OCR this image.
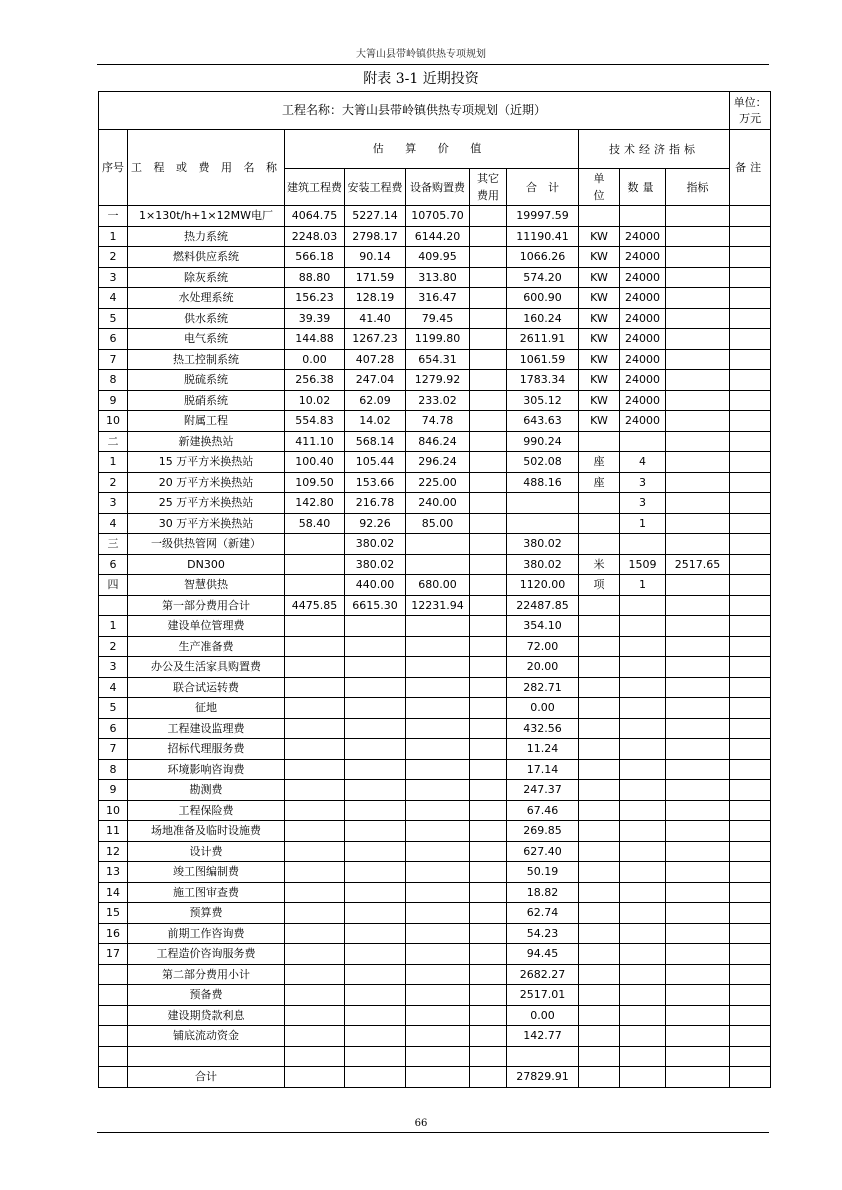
大箐山县带岭镇供热专项规划
附表 3-1 近期投资
工程名称：大箐山县带岭镇供热专项规划（近期）										单位：万元
序号	工 程 或 费 用 名 称	估 算 价 值					技术经济指标			备注
		建筑工程费	安装工程费	设备购置费	其它费用	合　计	单位	数量	指标	
一	1×130t/h+1×12MW电厂	4064.75	5227.14	10705.70		19997.59				
1	热力系统	2248.03	2798.17	6144.20		11190.41	KW	24000		
2	燃料供应系统	566.18	90.14	409.95		1066.26	KW	24000		
3	除灰系统	88.80	171.59	313.80		574.20	KW	24000		
4	水处理系统	156.23	128.19	316.47		600.90	KW	24000		
5	供水系统	39.39	41.40	79.45		160.24	KW	24000		
6	电气系统	144.88	1267.23	1199.80		2611.91	KW	24000		
7	热工控制系统	0.00	407.28	654.31		1061.59	KW	24000		
8	脱硫系统	256.38	247.04	1279.92		1783.34	KW	24000		
9	脱硝系统	10.02	62.09	233.02		305.12	KW	24000		
10	附属工程	554.83	14.02	74.78		643.63	KW	24000		
二	新建换热站	411.10	568.14	846.24		990.24				
1	15 万平方米换热站	100.40	105.44	296.24		502.08	座	4		
2	20 万平方米换热站	109.50	153.66	225.00		488.16	座	3		
3	25 万平方米换热站	142.80	216.78	240.00				3		
4	30 万平方米换热站	58.40	92.26	85.00				1		
三	一级供热管网（新建）		380.02			380.02				
6	DN300		380.02			380.02	米	1509	2517.65	
四	智慧供热		440.00	680.00		1120.00	项	1		
	第一部分费用合计	4475.85	6615.30	12231.94		22487.85				
1	建设单位管理费					354.10				
2	生产准备费					72.00				
3	办公及生活家具购置费					20.00				
4	联合试运转费					282.71				
5	征地					0.00				
6	工程建设监理费					432.56				
7	招标代理服务费					11.24				
8	环境影响咨询费					17.14				
9	勘测费					247.37				
10	工程保险费					67.46				
11	场地准备及临时设施费					269.85				
12	设计费					627.40				
13	竣工图编制费					50.19				
14	施工图审查费					18.82				
15	预算费					62.74				
16	前期工作咨询费					54.23				
17	工程造价咨询服务费					94.45				
	第二部分费用小计					2682.27				
	预备费					2517.01				
	建设期贷款利息					0.00				
	铺底流动资金					142.77				

	合计					27829.91				
66
